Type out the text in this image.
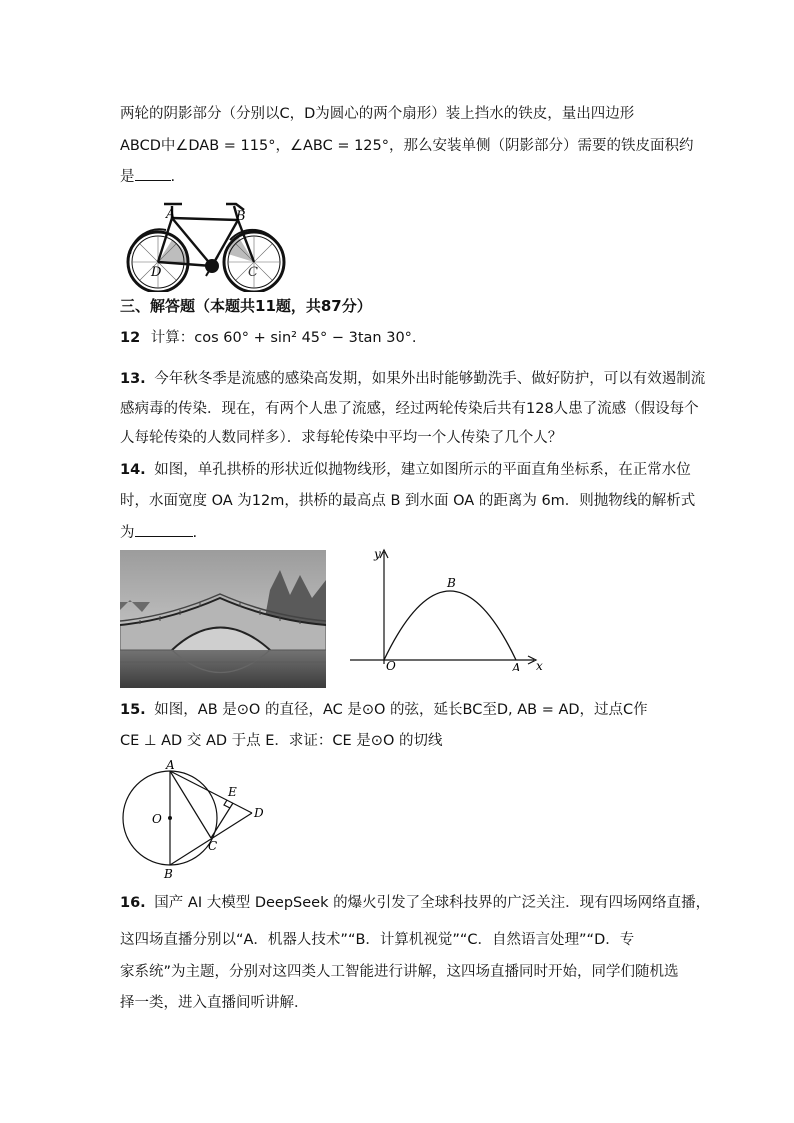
两轮的阴影部分（分别以C，D为圆心的两个扇形）装上挡水的铁皮，量出四边形
ABCD中∠DAB = 115°，∠ABC = 125°，那么安装单侧（阴影部分）需要的铁皮面积约
是 .
A	B
D	C
三、解答题（本题共11题，共87分）
12 计算：cos 60° + sin² 45° − 3tan 30°.
13. 今年秋冬季是流感的感染高发期，如果外出时能够勤洗手、做好防护，可以有效遏制流
感病毒的传染．现在，有两个人患了流感，经过两轮传染后共有128人患了流感（假设每个
人每轮传染的人数同样多）．求每轮传染中平均一个人传染了几个人？
14. 如图，单孔拱桥的形状近似抛物线形，建立如图所示的平面直角坐标系，在正常水位
时，水面宽度 OA 为12m，拱桥的最高点 B 到水面 OA 的距离为 6m．则抛物线的解析式
为	.
y
x
O	A
B
15. 如图，AB 是⊙O 的直径，AC 是⊙O 的弦，延长BC至D, AB = AD，过点C作
CE ⊥ AD 交 AD 于点 E．求证：CE 是⊙O 的切线
A
B
C
D
E
O
16. 国产 AI 大模型 DeepSeek 的爆火引发了全球科技界的广泛关注．现有四场网络直播，
这四场直播分别以“A．机器人技术”“B．计算机视觉”“C．自然语言处理”“D．专
家系统”为主题，分别对这四类人工智能进行讲解，这四场直播同时开始，同学们随机选
择一类，进入直播间听讲解．
